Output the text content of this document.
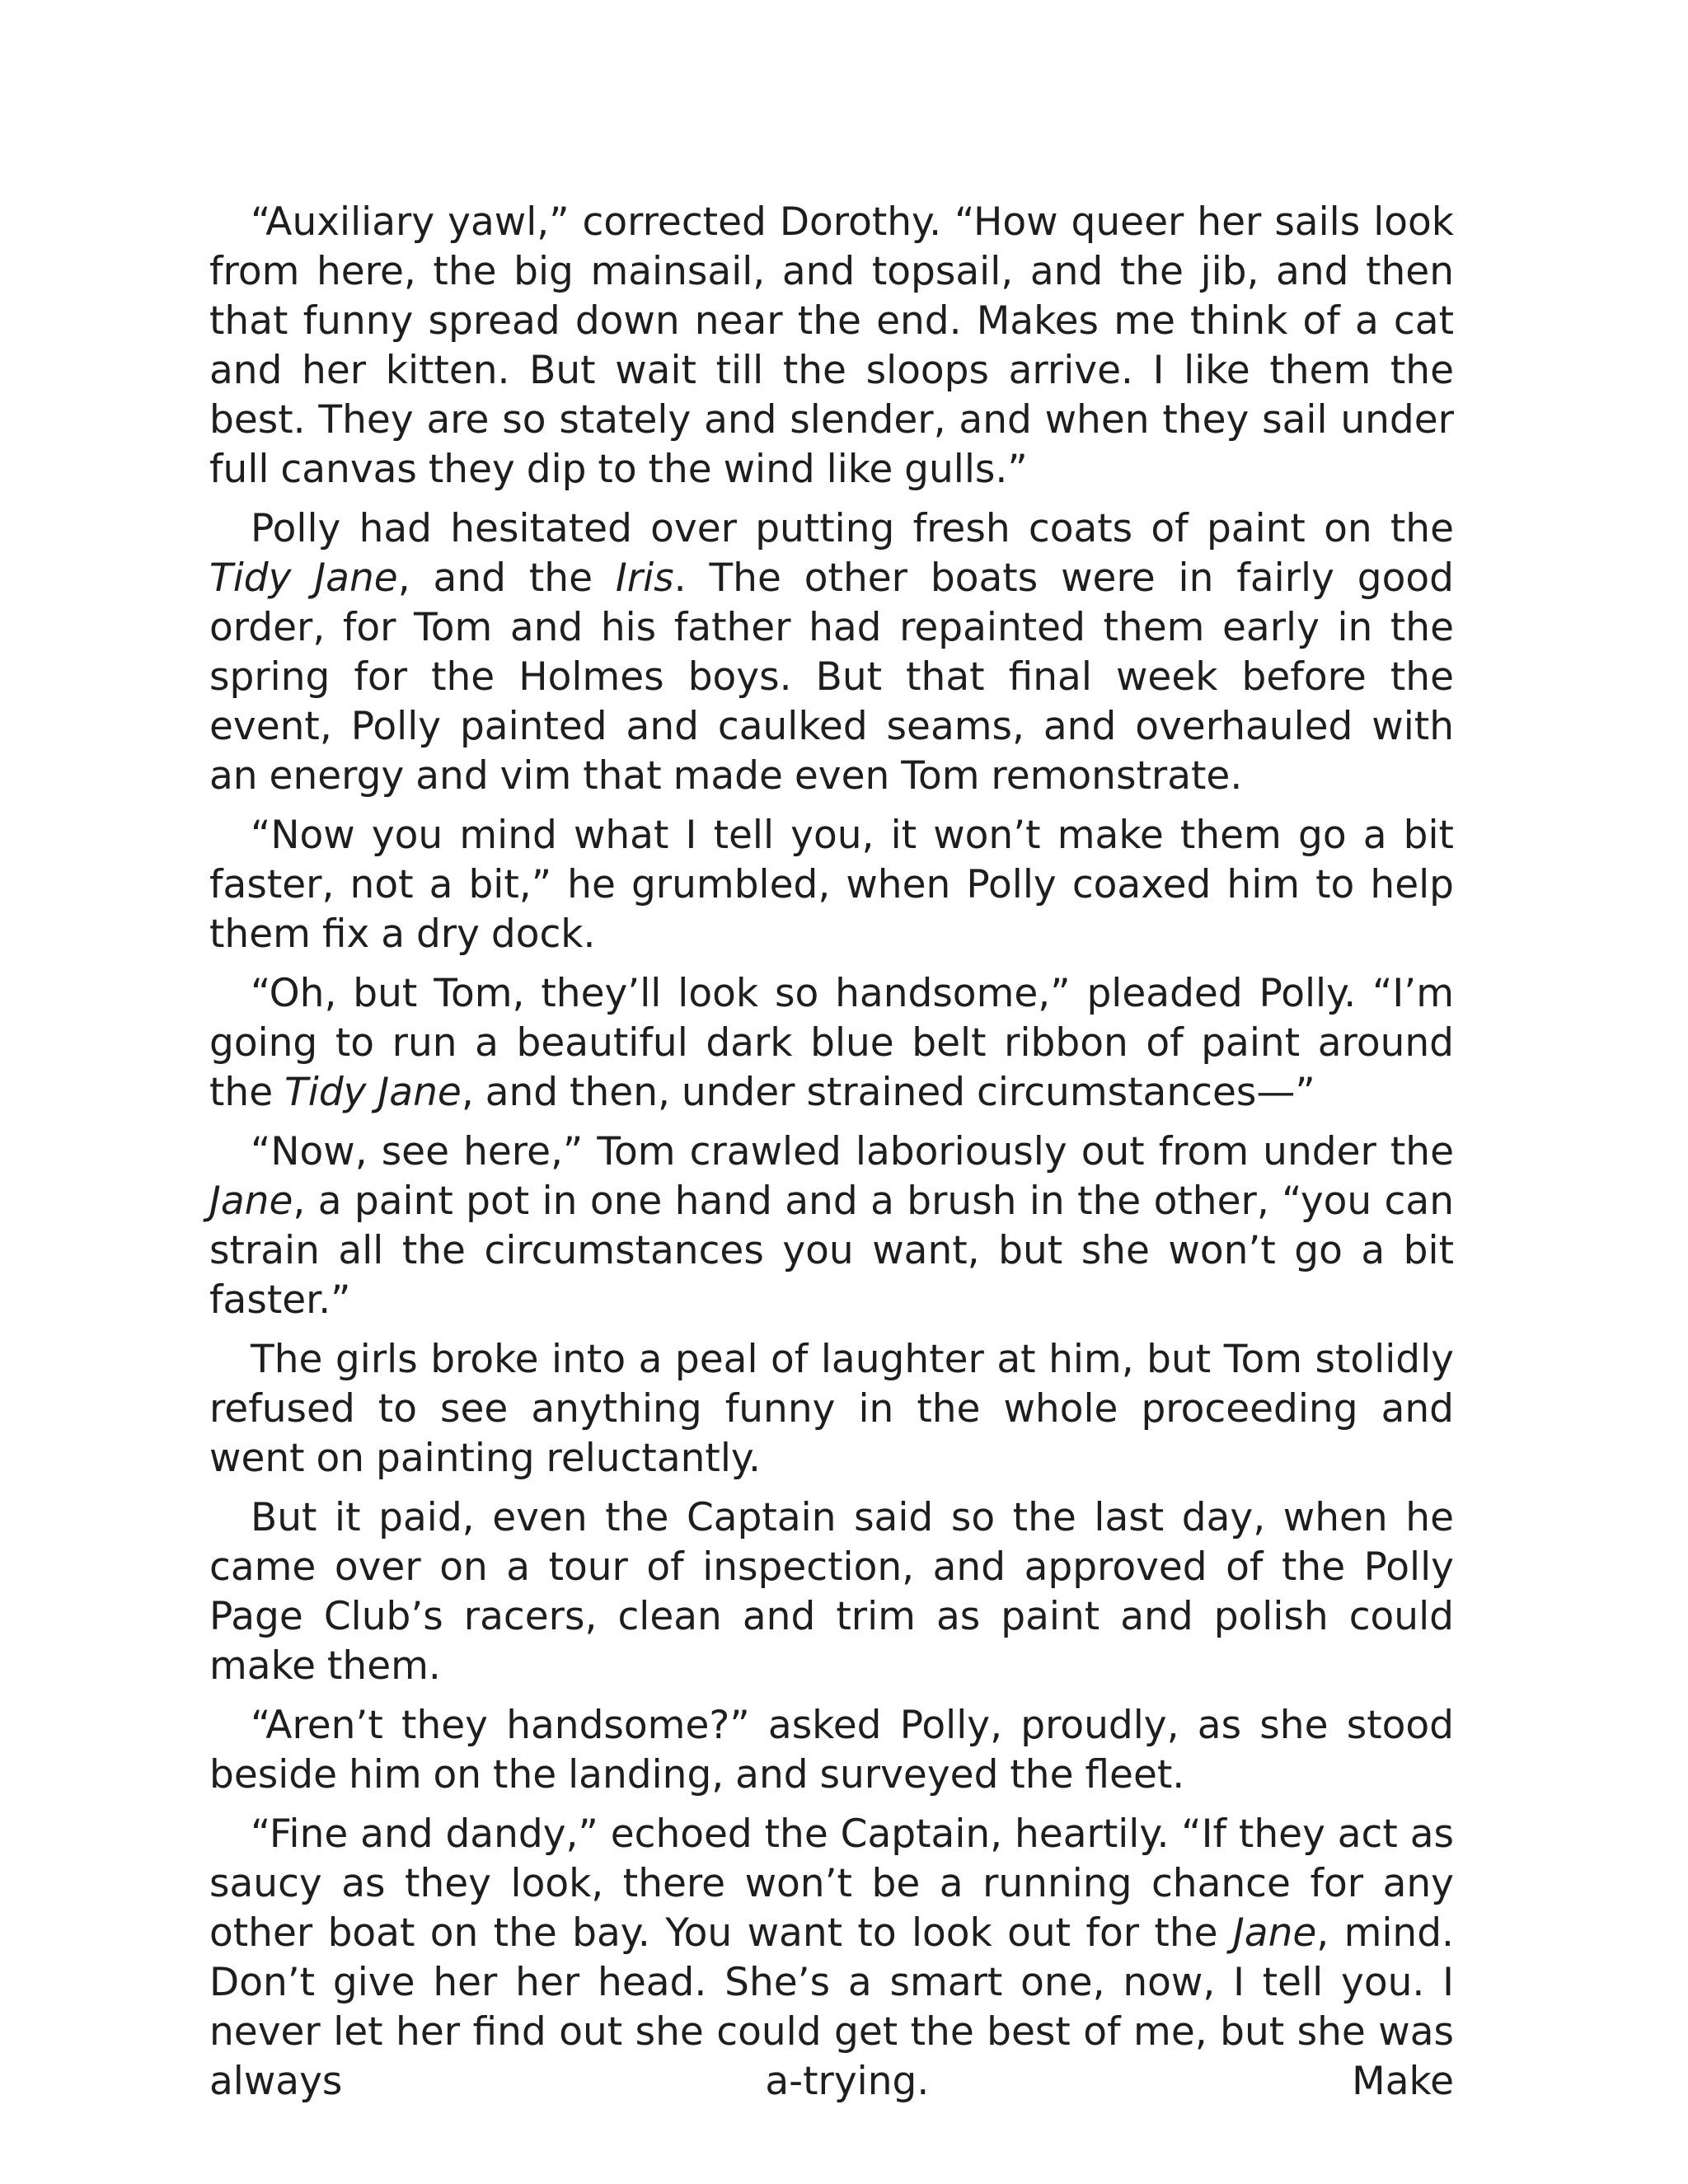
“Auxiliary yawl,” corrected Dorothy. “How queer her sails look from here, the big mainsail, and topsail, and the jib, and then that funny spread down near the end. Makes me think of a cat and her kitten. But wait till the sloops arrive. I like them the best. They are so stately and slender, and when they sail under full canvas they dip to the wind like gulls.”

Polly had hesitated over putting fresh coats of paint on the Tidy Jane, and the Iris. The other boats were in fairly good order, for Tom and his father had repainted them early in the spring for the Holmes boys. But that final week before the event, Polly painted and caulked seams, and overhauled with an energy and vim that made even Tom remonstrate.

“Now you mind what I tell you, it won’t make them go a bit faster, not a bit,” he grumbled, when Polly coaxed him to help them fix a dry dock.

“Oh, but Tom, they’ll look so handsome,” pleaded Polly. “I’m going to run a beautiful dark blue belt ribbon of paint around the Tidy Jane, and then, under strained circumstances—”

“Now, see here,” Tom crawled laboriously out from under the Jane, a paint pot in one hand and a brush in the other, “you can strain all the circumstances you want, but she won’t go a bit faster.”

The girls broke into a peal of laughter at him, but Tom stolidly refused to see anything funny in the whole proceeding and went on painting reluctantly.

But it paid, even the Captain said so the last day, when he came over on a tour of inspection, and approved of the Polly Page Club’s racers, clean and trim as paint and polish could make them.

“Aren’t they handsome?” asked Polly, proudly, as she stood beside him on the landing, and surveyed the fleet.

“Fine and dandy,” echoed the Captain, heartily. “If they act as saucy as they look, there won’t be a running chance for any other boat on the bay. You want to look out for the Jane, mind. Don’t give her her head. She’s a smart one, now, I tell you. I never let her find out she could get the best of me, but she was always a-trying. Make
